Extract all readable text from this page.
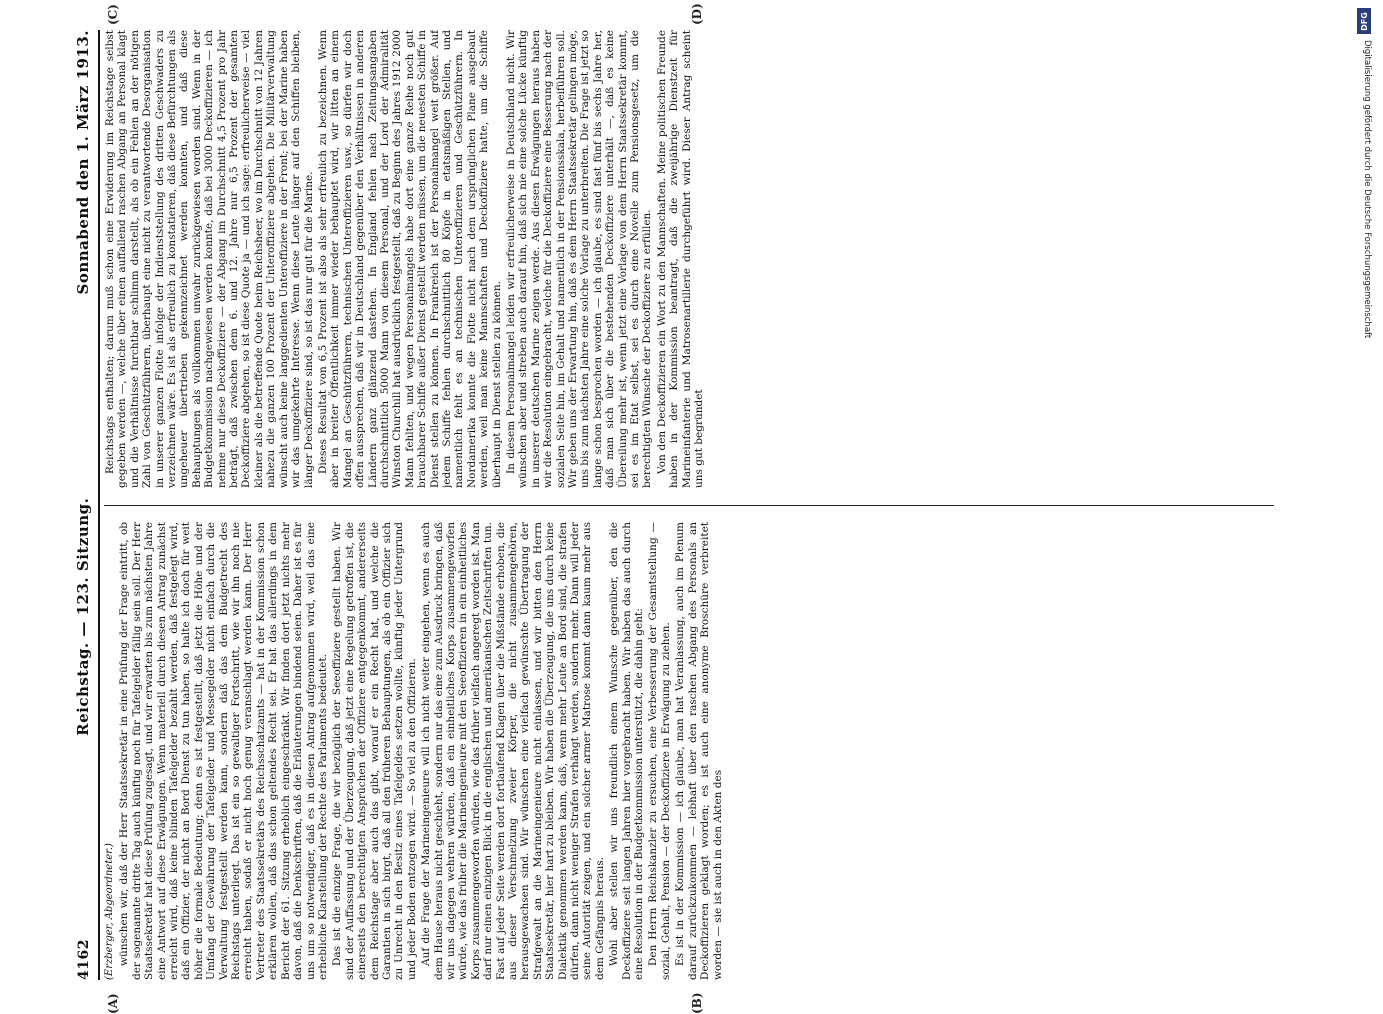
4162
Reichstag. — 123. Sitzung.
Sonnabend den 1. März 1913.

(Erzberger, Abgeordneter.) wünschen wir, daß der Herr Staatssekretär in eine Prüfung der Frage eintritt, ob der sogenannte dritte Tag auch künftig noch für Tafelgelder fällig sein soll. Der Herr Staatssekretär hat diese Prüfung zugesagt, und wir erwarten bis zum nächsten Jahre eine Antwort auf diese Erwägungen. Wenn materiell durch diesen Antrag zunächst erreicht wird, daß keine blinden Tafelgelder bezahlt werden, daß festgelegt wird, daß ein Offizier, der nicht an Bord Dienst zu tun haben, so halte ich doch für weit höher die formale Bedeutung; denn es ist festgestellt, daß jetzt die Höhe und der Umfang der Gewährung der Tafelgelder und Messegelder nicht einfach durch die Verwaltung festgestellt werden kann, sondern daß das dem Budgetrecht des Reichstags unterliegt. Das ist ein so gewaltiger Fortschritt, wie wir ihn noch nie erreicht haben, sodaß er nicht hoch genug veranschlagt werden kann. Der Herr Vertreter des Staatssekretärs des Reichsschatzamts — hat in der Kommission schon erklären wollen, daß das schon geltendes Recht sei. Er hat das allerdings in dem Bericht der 61. Sitzung erheblich eingeschränkt. Wir finden dort jetzt nichts mehr davon, daß die Denkschriften, daß die Erläuterungen bindend seien. Daher ist es für uns um so notwendiger, daß es in diesen Antrag aufgenommen wird, weil das eine erhebliche Klarstellung der Rechte des Parlaments bedeutet. Das ist die einzige Frage, die wir bezüglich der Seeoffiziere gestellt haben. Wir sind der Auffassung und der Überzeugung, daß jetzt eine Regelung getroffen ist, die einerseits den berechtigten Ansprüchen der Offiziere entgegenkommt, andererseits dem Reichstage aber auch das gibt, worauf er ein Recht hat, und welche die Garantien in sich birgt, daß all den früheren Behauptungen, als ob ein Offizier sich zu Unrecht in den Besitz eines Tafelgeldes setzen wollte, künftig jeder Untergrund und jeder Boden entzogen wird. — So viel zu den Offizieren. Auf die Frage der Marineingenieure will ich nicht weiter eingehen, wenn es auch dem Hause heraus nicht geschieht, sondern nur das eine zum Ausdruck bringen, daß wir uns dagegen wehren würden, daß ein einheitliches Korps zusammengeworfen würde, wie das früher die Marineingenieure mit den Seeoffizieren in ein einheitliches Korps zusammengeworfen würden, wie das früher vielfach angeregt worden ist. Man darf nur einen einzigen Blick in die englischen und amerikanischen Zeitschriften tun. Fast auf jeder Seite werden dort fortlaufend Klagen über die Mißstände erhoben, die aus dieser Verschmelzung zweier Körper, die nicht zusammengehören, herausgewachsen sind. Wir wünschen eine vielfach gewünschte Übertragung der Strafgewalt an die Marineingenieure nicht einlassen, und wir bitten den Herrn Staatssekretär, hier hart zu bleiben. Wir haben die Überzeugung, die uns durch keine Dialektik genommen werden kann, daß, wenn mehr Leute an Bord sind, die strafen dürfen, dann nicht weniger Strafen verhängt werden, sondern mehr. Dann will jeder seine Autorität zeigen, und ein solcher armer Matrose kommt dann kaum mehr aus dem Gefängnis heraus. Wohl aber stellen wir uns freundlich einem Wunsche gegenüber, den die Deckoffiziere seit langen Jahren hier vorgebracht haben. Wir haben das auch durch eine Resolution in der Budgetkommission unterstützt, die dahin geht: Den Herrn Reichskanzler zu ersuchen, eine Verbesserung der Gesamtstellung — sozial, Gehalt, Pension — der Deckoffiziere in Erwägung zu ziehen. Es ist in der Kommission — ich glaube, man hat Veranlassung, auch im Plenum darauf zurückzukommen — lebhaft über den raschen Abgang des Personals an Deckoffizieren geklagt worden; es ist auch eine anonyme Broschüre verbreitet worden — sie ist auch in den Akten des

Reichstags enthalten; darum muß schon eine Erwiderung im Reichstage selbst gegeben werden —, welche über einen auffallend raschen Abgang an Personal klagt und die Verhältnisse furchtbar schlimm darstellt, als ob ein Fehlen an der nötigen Zahl von Geschützführern, überhaupt eine nicht zu verantwortende Desorganisation in unserer ganzen Flotte infolge der Indienststellung des dritten Geschwaders zu verzeichnen wäre. Es ist als erfreulich zu konstatieren, daß diese Befürchtungen als ungeheuer übertrieben gekennzeichnet werden konnten, und daß diese Behauptungen als vollkommen unwahr zurückgewiesen worden sind. Wenn in der Budgetkommission nachgewiesen werden konnte, daß bei 3000 Deckoffizieren — ich nehme nur diese Deckoffiziere — der Abgang im Durchschnitt 4,5 Prozent pro Jahr beträgt, daß zwischen dem 6. und 12. Jahre nur 6,5 Prozent der gesamten Deckoffiziere abgehen, so ist diese Quote ja — und ich sage: erfreulicherweise — viel kleiner als die betreffende Quote beim Reichsheer, wo im Durchschnitt von 12 Jahren nahezu die ganzen 100 Prozent der Unteroffiziere abgehen. Die Militärverwaltung wünscht auch keine langgedienten Unteroffiziere in der Front; bei der Marine haben wir das umgekehrte Interesse. Wenn diese Leute länger auf den Schiffen bleiben, länger Deckoffiziere sind, so ist das nur gut für die Marine. Dieses Resultat von 6,5 Prozent ist also als sehr erfreulich zu bezeichnen. Wenn aber in breiter Öffentlichkeit immer wieder behauptet wird, wir litten an einem Mangel an Geschützführern, technischen Unteroffizieren usw., so dürfen wir doch offen aussprechen, daß wir in Deutschland gegenüber den Verhältnissen in anderen Ländern ganz glänzend dastehen. In England fehlen nach Zeitungsangaben durchschnittlich 5000 Mann von diesem Personal, und der Lord der Admiralität Winston Churchill hat ausdrücklich festgestellt, daß zu Beginn des Jahres 1912 2000 Mann fehlten, und wegen Personalmangels habe dort eine ganze Reihe noch gut brauchbarer Schiffe außer Dienst gestellt werden müssen, um die neuesten Schiffe in Dienst stellen zu können. In Frankreich ist der Personalmangel weit größer. Auf jedem Schiffe fehlen durchschnittlich 80 Köpfe in etatsmäßigen Stellen, und namentlich fehlt es an technischen Unteroffizieren und Geschützführern. In Nordamerika konnte die Flotte nicht nach dem ursprünglichen Plane ausgebaut werden, weil man keine Mannschaften und Deckoffiziere hatte, um die Schiffe überhaupt in Dienst stellen zu können. In diesem Personalmangel leiden wir erfreulicherweise in Deutschland nicht. Wir wünschen aber und streben auch darauf hin, daß sich nie eine solche Lücke künftig in unserer deutschen Marine zeigen werde. Aus diesen Erwägungen heraus haben wir die Resolution eingebracht, welche für die Deckoffiziere eine Besserung nach der sozialen Seite hin, im Gehalt und namentlich in der Pensionsskala, herbeiführen soll. Wir geben uns der Erwartung hin, daß es dem Herrn Staatssekretär gelingen möge, uns bis zum nächsten Jahre eine solche Vorlage zu unterbreiten. Die Frage ist jetzt so lange schon besprochen worden — ich glaube, es sind fast fünf bis sechs Jahre her, daß man sich über die bestehenden Deckoffiziere unterhält —, daß es keine Übereilung mehr ist, wenn jetzt eine Vorlage von dem Herrn Staatssekretär kommt, sei es im Etat selbst, sei es durch eine Novelle zum Pensionsgesetz, um die berechtigten Wünsche der Deckoffiziere zu erfüllen. Von den Deckoffizieren ein Wort zu den Mannschaften. Meine politischen Freunde haben in der Kommission beantragt, daß die zweijährige Dienstzeit für Marineinfanterie und Matrosenartillerie durchgeführt wird. Dieser Antrag scheint uns gut begründet

(A)	(B)
(C)	(D)	DFG
Digitalisierung gefördert durch die Deutsche Forschungsgemeinschaft
